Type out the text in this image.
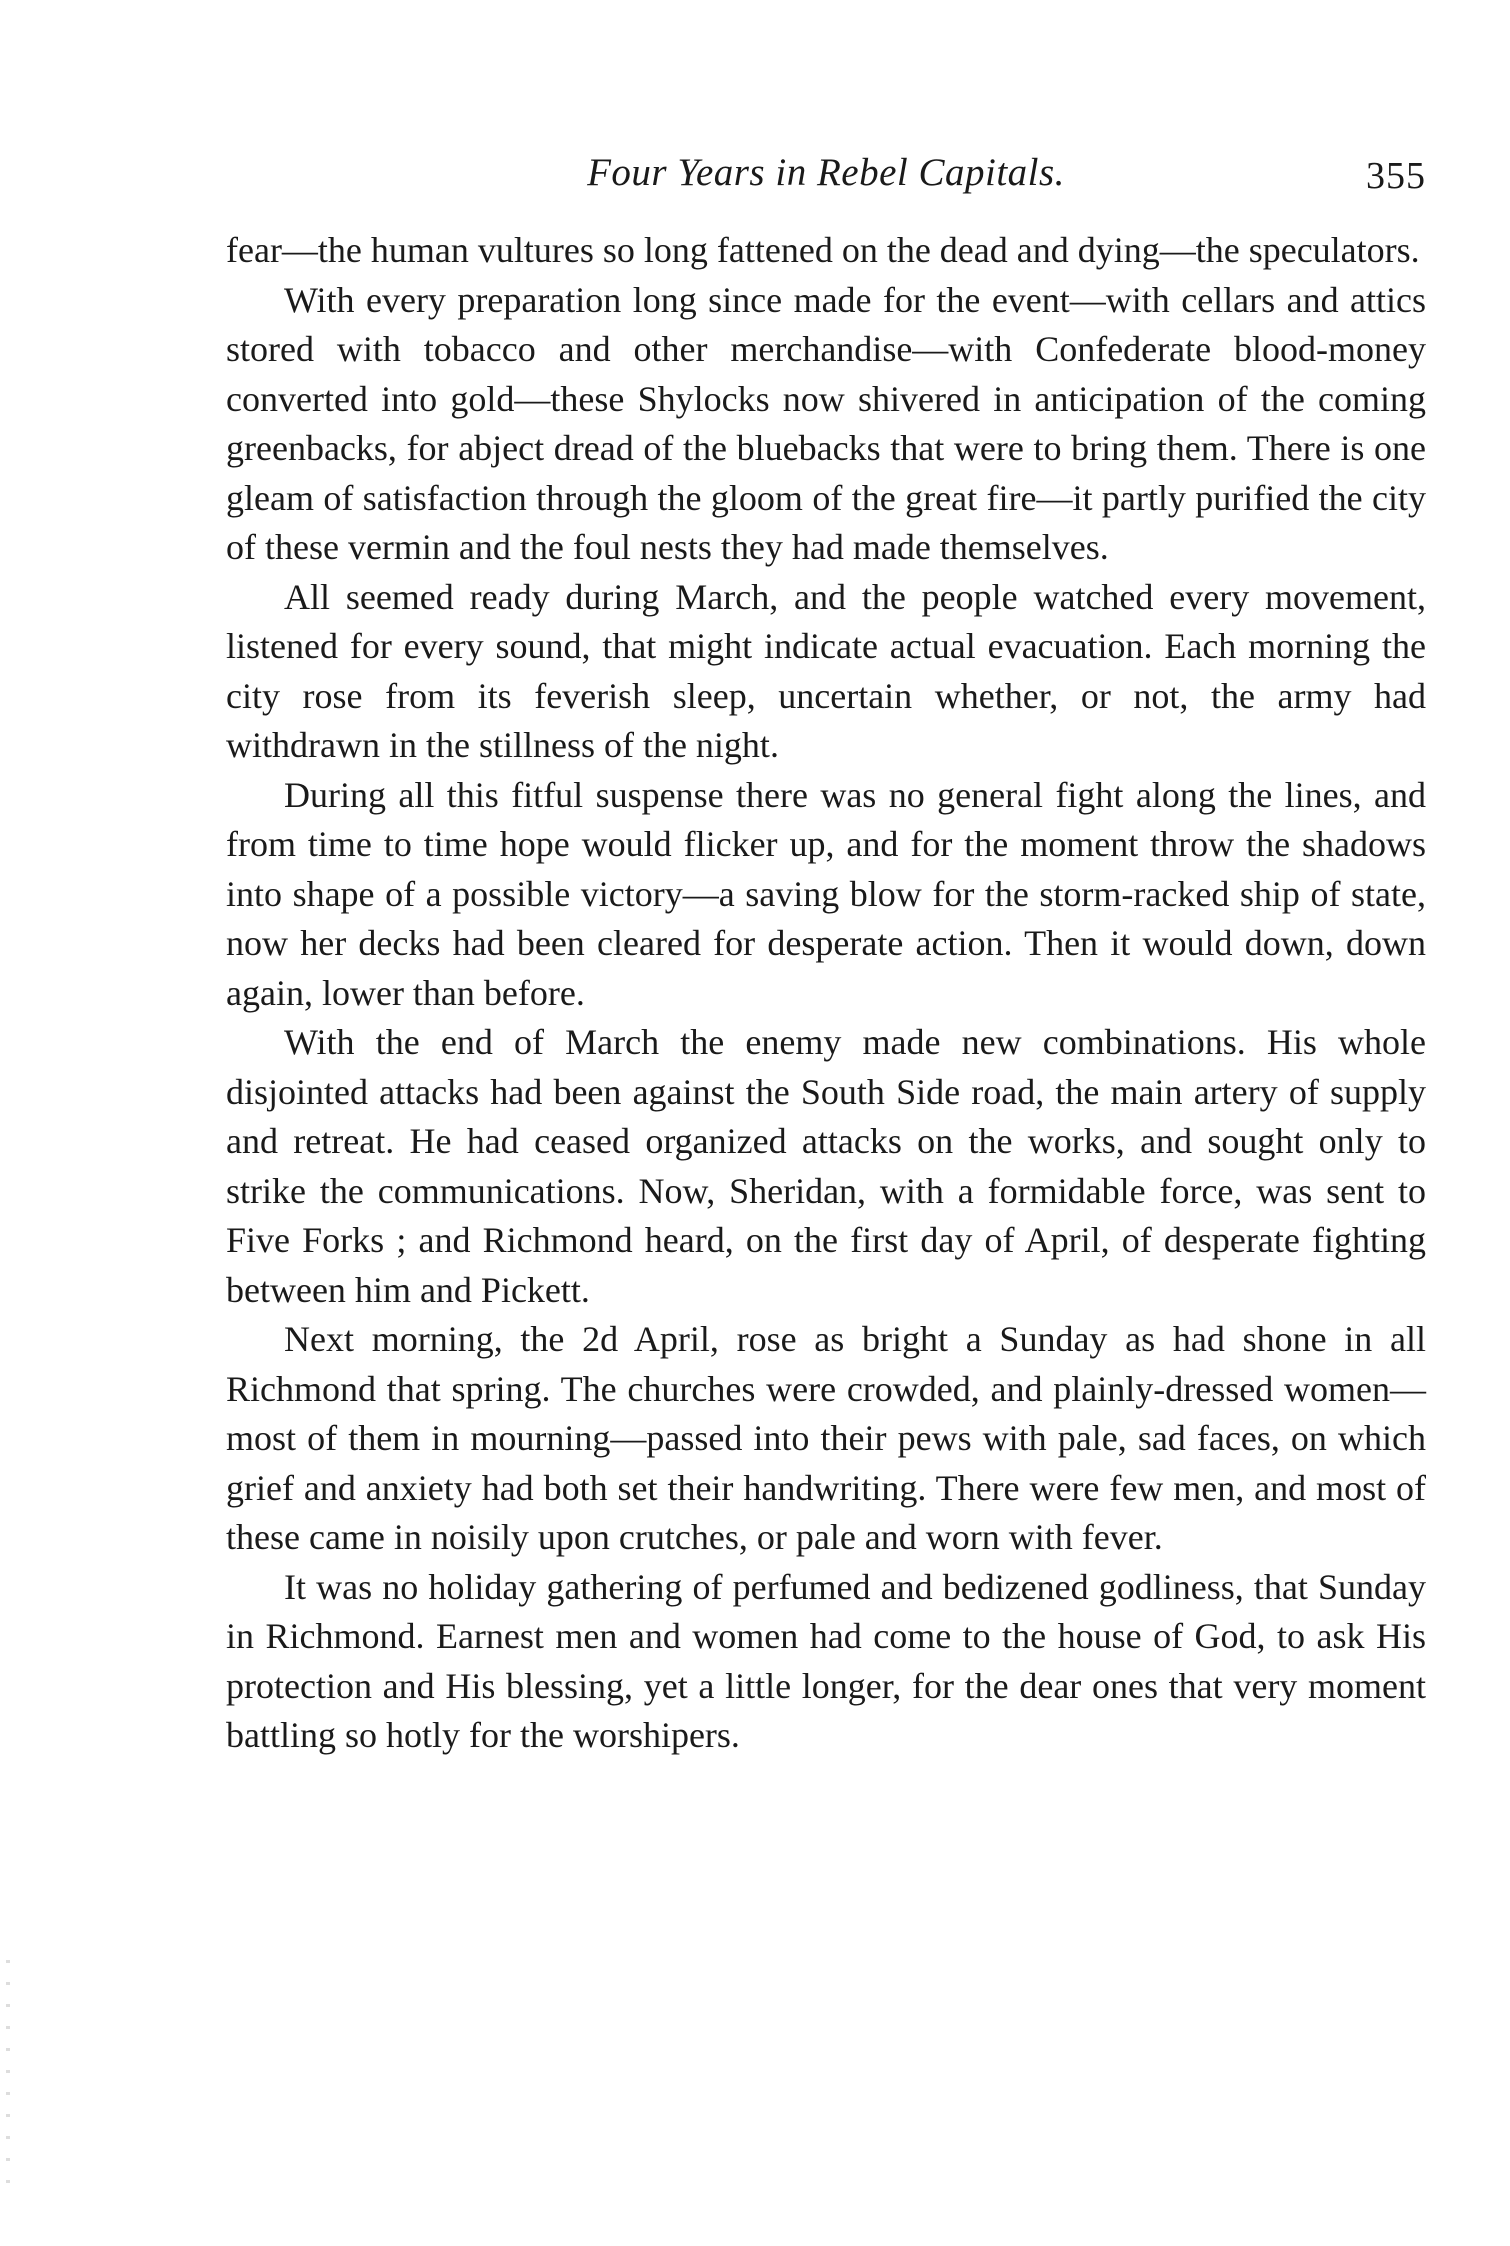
Four Years in Rebel Capitals.	355

fear—the human vultures so long fattened on the dead and dying—the speculators.

With every preparation long since made for the event—with cellars and attics stored with tobacco and other merchandise—with Confederate blood-money converted into gold—these Shylocks now shivered in anticipation of the coming greenbacks, for abject dread of the bluebacks that were to bring them. There is one gleam of satisfaction through the gloom of the great fire—it partly purified the city of these vermin and the foul nests they had made themselves.

All seemed ready during March, and the people watched every movement, listened for every sound, that might indicate actual evacuation. Each morning the city rose from its feverish sleep, uncertain whether, or not, the army had withdrawn in the stillness of the night.

During all this fitful suspense there was no general fight along the lines, and from time to time hope would flicker up, and for the moment throw the shadows into shape of a possible victory—a saving blow for the storm-racked ship of state, now her decks had been cleared for desperate action. Then it would down, down again, lower than before.

With the end of March the enemy made new combinations. His whole disjointed attacks had been against the South Side road, the main artery of supply and retreat. He had ceased organized attacks on the works, and sought only to strike the communications. Now, Sheridan, with a formidable force, was sent to Five Forks ; and Richmond heard, on the first day of April, of desperate fighting between him and Pickett.

Next morning, the 2d April, rose as bright a Sunday as had shone in all Richmond that spring. The churches were crowded, and plainly-dressed women—most of them in mourning—passed into their pews with pale, sad faces, on which grief and anxiety had both set their handwriting. There were few men, and most of these came in noisily upon crutches, or pale and worn with fever.

It was no holiday gathering of perfumed and bedizened godliness, that Sunday in Richmond. Earnest men and women had come to the house of God, to ask His protection and His blessing, yet a little longer, for the dear ones that very moment battling so hotly for the worshipers.
